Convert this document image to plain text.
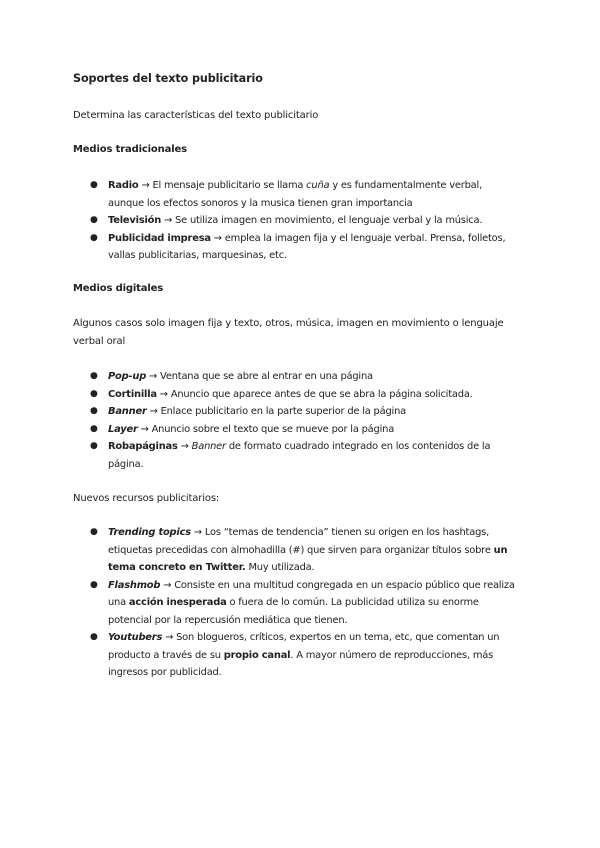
Soportes del texto publicitario

Determina las características del texto publicitario

Medios tradicionales

● Radio → El mensaje publicitario se llama cuña y es fundamentalmente verbal, aunque los efectos sonoros y la musica tienen gran importancia
● Televisión → Se utiliza imagen en movimiento, el lenguaje verbal y la música.
● Publicidad impresa → emplea la imagen fija y el lenguaje verbal. Prensa, folletos, vallas publicitarias, marquesinas, etc.

Medios digitales

Algunos casos solo imagen fija y texto, otros, música, imagen en movimiento o lenguaje verbal oral

● Pop-up → Ventana que se abre al entrar en una página
● Cortinilla → Anuncio que aparece antes de que se abra la página solicitada.
● Banner → Enlace publicitario en la parte superior de la página
● Layer → Anuncio sobre el texto que se mueve por la página
● Robapáginas → Banner de formato cuadrado integrado en los contenidos de la página.

Nuevos recursos publicitarios:

● Trending topics → Los “temas de tendencia” tienen su origen en los hashtags, etiquetas precedidas con almohadilla (#) que sirven para organizar títulos sobre un tema concreto en Twitter. Muy utilizada.
● Flashmob → Consiste en una multitud congregada en un espacio público que realiza una acción inesperada o fuera de lo común. La publicidad utiliza su enorme potencial por la repercusión mediática que tienen.
● Youtubers → Son blogueros, críticos, expertos en un tema, etc, que comentan un producto a través de su propio canal. A mayor número de reproducciones, más ingresos por publicidad.
